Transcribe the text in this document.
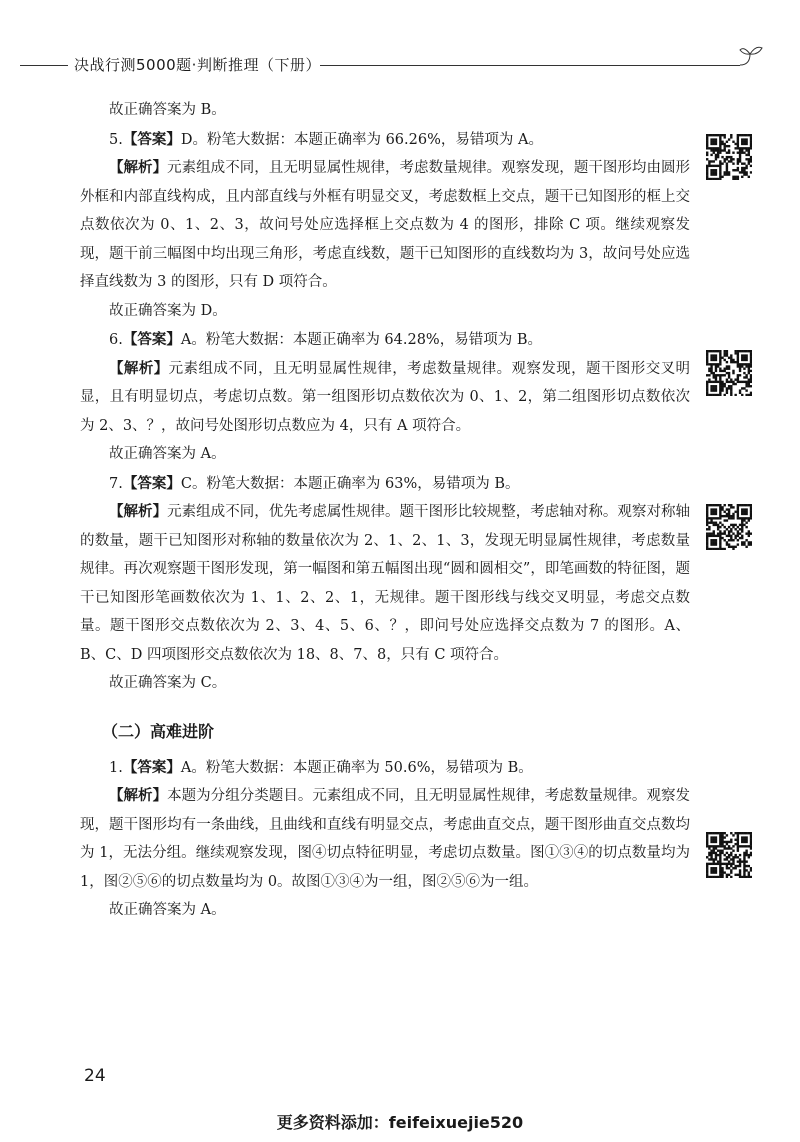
决战行测5000题·判断推理（下册）

故正确答案为 B。

5.【答案】D。粉笔大数据：本题正确率为 66.26%，易错项为 A。

【解析】元素组成不同，且无明显属性规律，考虑数量规律。观察发现，题干图形均由圆形外框和内部直线构成，且内部直线与外框有明显交叉，考虑数框上交点，题干已知图形的框上交点数依次为 0、1、2、3，故问号处应选择框上交点数为 4 的图形，排除 C 项。继续观察发现，题干前三幅图中均出现三角形，考虑直线数，题干已知图形的直线数均为 3，故问号处应选择直线数为 3 的图形，只有 D 项符合。

故正确答案为 D。

6.【答案】A。粉笔大数据：本题正确率为 64.28%，易错项为 B。

【解析】元素组成不同，且无明显属性规律，考虑数量规律。观察发现，题干图形交叉明显，且有明显切点，考虑切点数。第一组图形切点数依次为 0、1、2，第二组图形切点数依次为 2、3、？，故问号处图形切点数应为 4，只有 A 项符合。

故正确答案为 A。

7.【答案】C。粉笔大数据：本题正确率为 63%，易错项为 B。

【解析】元素组成不同，优先考虑属性规律。题干图形比较规整，考虑轴对称。观察对称轴的数量，题干已知图形对称轴的数量依次为 2、1、2、1、3，发现无明显属性规律，考虑数量规律。再次观察题干图形发现，第一幅图和第五幅图出现“圆和圆相交”，即笔画数的特征图，题干已知图形笔画数依次为 1、1、2、2、1，无规律。题干图形线与线交叉明显，考虑交点数量。题干图形交点数依次为 2、3、4、5、6、？，即问号处应选择交点数为 7 的图形。A、B、C、D 四项图形交点数依次为 18、8、7、8，只有 C 项符合。

故正确答案为 C。

（二）高难进阶

1.【答案】A。粉笔大数据：本题正确率为 50.6%，易错项为 B。

【解析】本题为分组分类题目。元素组成不同，且无明显属性规律，考虑数量规律。观察发现，题干图形均有一条曲线，且曲线和直线有明显交点，考虑曲直交点，题干图形曲直交点数均为 1，无法分组。继续观察发现，图④切点特征明显，考虑切点数量。图①③④的切点数量均为 1，图②⑤⑥的切点数量均为 0。故图①③④为一组，图②⑤⑥为一组。

故正确答案为 A。

24
更多资料添加：feifeixuejie520
